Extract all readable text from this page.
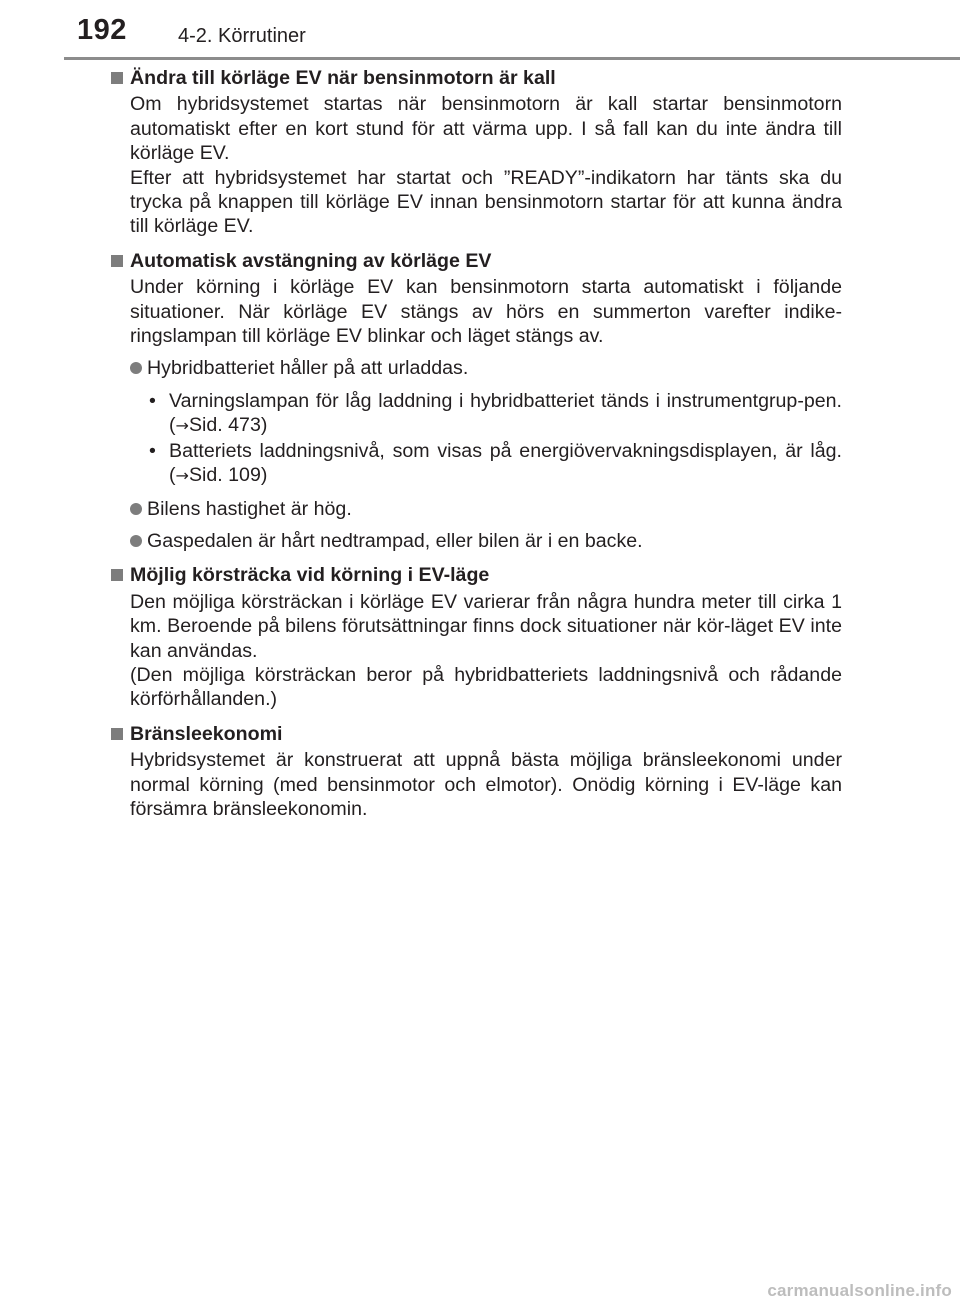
192	4-2. Körrutiner
Ändra till körläge EV när bensinmotorn är kall

Om hybridsystemet startas när bensinmotorn är kall startar bensinmotorn automatiskt efter en kort stund för att värma upp. I så fall kan du inte ändra till körläge EV.

Efter att hybridsystemet har startat och ”READY”-indikatorn har tänts ska du trycka på knappen till körläge EV innan bensinmotorn startar för att kunna ändra till körläge EV.

Automatisk avstängning av körläge EV

Under körning i körläge EV kan bensinmotorn starta automatiskt i följande situationer. När körläge EV stängs av hörs en summerton varefter indike-ringslampan till körläge EV blinkar och läget stängs av.

Hybridbatteriet håller på att urladdas.
• Varningslampan för låg laddning i hybridbatteriet tänds i instrumentgrup-pen. (→Sid. 473)
• Batteriets laddningsnivå, som visas på energiövervakningsdisplayen, är låg. (→Sid. 109)
Bilens hastighet är hög.
Gaspedalen är hårt nedtrampad, eller bilen är i en backe.
Möjlig körsträcka vid körning i EV-läge

Den möjliga körsträckan i körläge EV varierar från några hundra meter till cirka 1 km. Beroende på bilens förutsättningar finns dock situationer när kör-läget EV inte kan användas.

(Den möjliga körsträckan beror på hybridbatteriets laddningsnivå och rådande körförhållanden.)

Bränsleekonomi

Hybridsystemet är konstruerat att uppnå bästa möjliga bränsleekonomi under normal körning (med bensinmotor och elmotor). Onödig körning i EV-läge kan försämra bränsleekonomin.

carmanualsonline.info
